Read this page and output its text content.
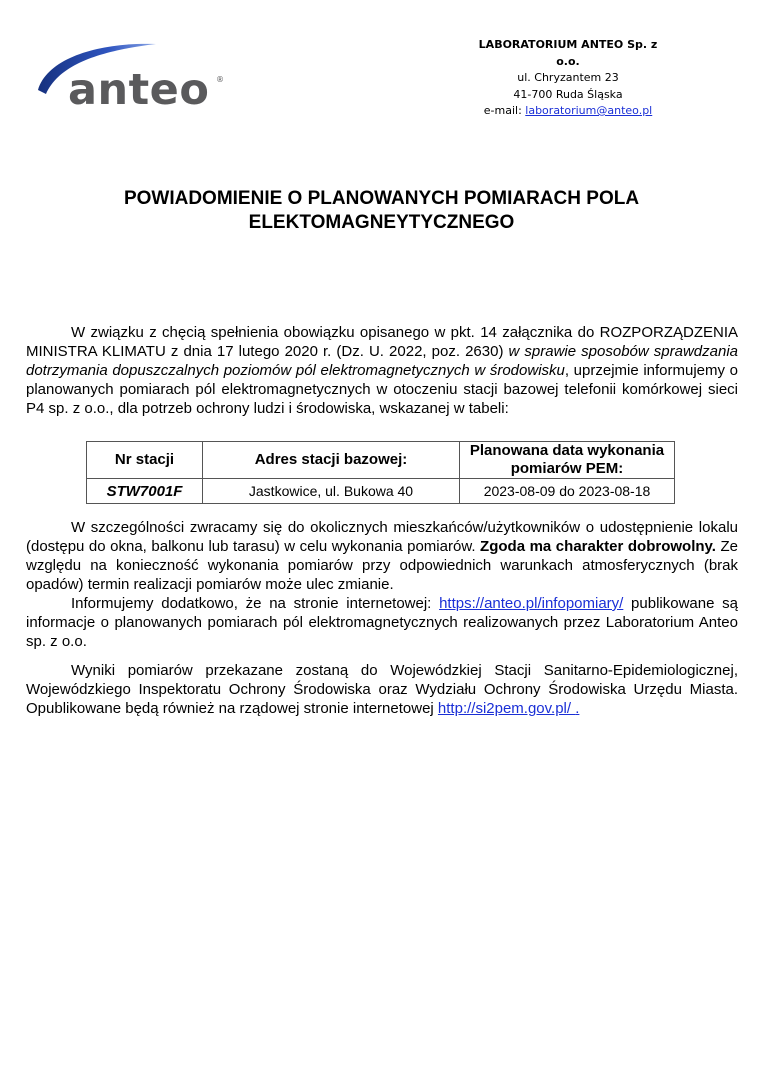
anteo ®
LABORATORIUM ANTEO Sp. z o.o.
ul. Chryzantem 23
41-700 Ruda Śląska
e-mail: laboratorium@anteo.pl
POWIADOMIENIE O PLANOWANYCH POMIARACH POLA
ELEKTOMAGNEYTYCZNEGO

W związku z chęcią spełnienia obowiązku opisanego w pkt. 14 załącznika do ROZPORZĄDZENIA MINISTRA KLIMATU z dnia 17 lutego 2020 r. (Dz. U. 2022, poz. 2630) w sprawie sposobów sprawdzania dotrzymania dopuszczalnych poziomów pól elektromagnetycznych w środowisku, uprzejmie informujemy o planowanych pomiarach pól elektromagnetycznych w otoczeniu stacji bazowej telefonii komórkowej sieci P4 sp. z o.o., dla potrzeb ochrony ludzi i środowiska, wskazanej w tabeli:

Nr stacji	Adres stacji bazowej:	Planowana data wykonania pomiarów PEM:
STW7001F	Jastkowice, ul. Bukowa 40	2023-08-09 do 2023-08-18

W szczególności zwracamy się do okolicznych mieszkańców/użytkowników o udostępnienie lokalu (dostępu do okna, balkonu lub tarasu) w celu wykonania pomiarów. Zgoda ma charakter dobrowolny. Ze względu na konieczność wykonania pomiarów przy odpowiednich warunkach atmosferycznych (brak opadów) termin realizacji pomiarów może ulec zmianie.
Informujemy dodatkowo, że na stronie internetowej: https://anteo.pl/infopomiary/ publikowane są informacje o planowanych pomiarach pól elektromagnetycznych realizowanych przez Laboratorium Anteo sp. z o.o.

Wyniki pomiarów przekazane zostaną do Wojewódzkiej Stacji Sanitarno-Epidemiologicznej, Wojewódzkiego Inspektoratu Ochrony Środowiska oraz Wydziału Ochrony Środowiska Urzędu Miasta. Opublikowane będą również na rządowej stronie internetowej http://si2pem.gov.pl/ .
